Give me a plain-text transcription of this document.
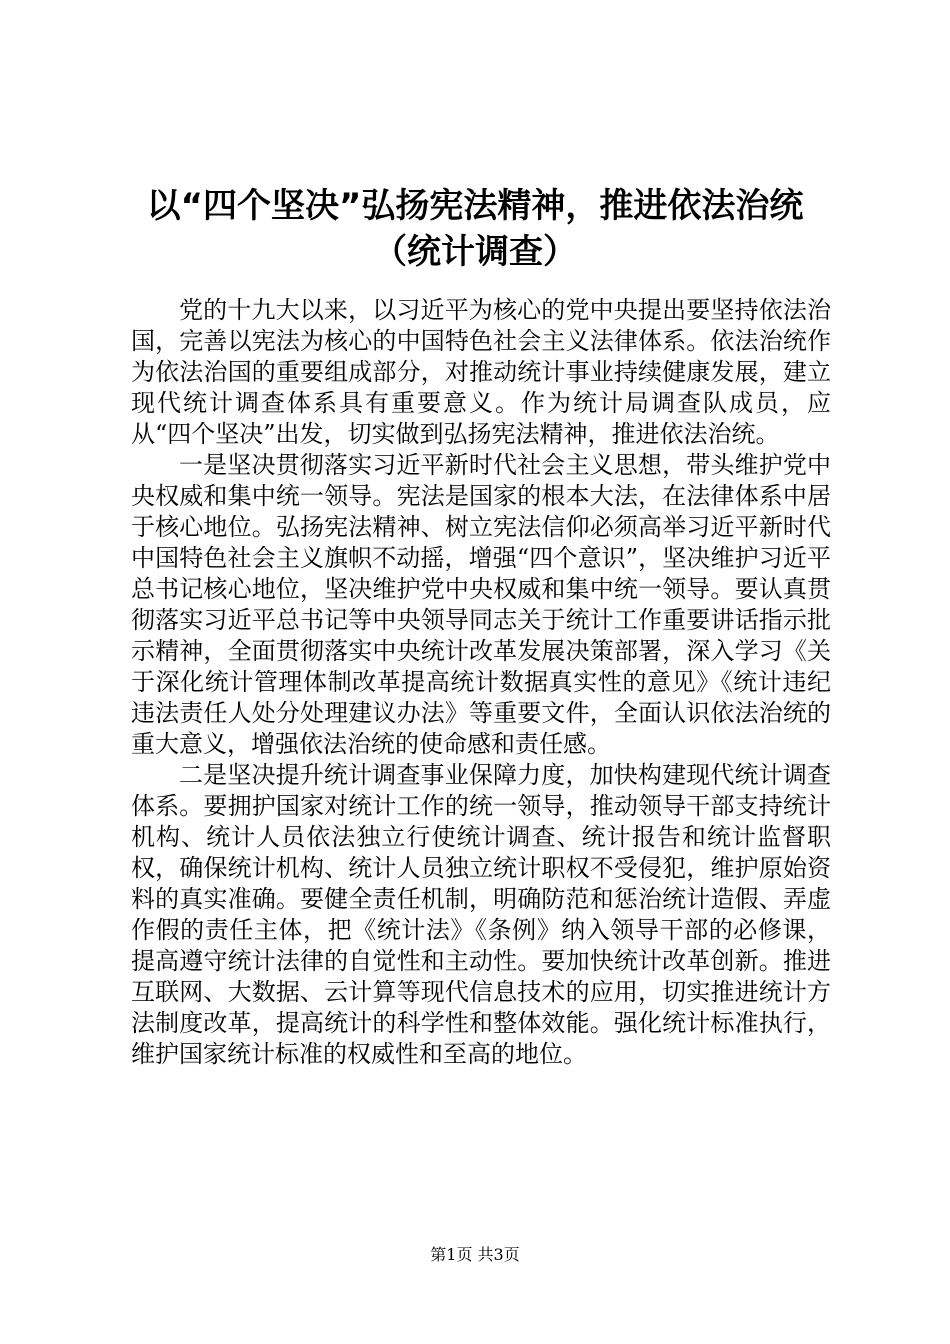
以“四个坚决”弘扬宪法精神，推进依法治统
（统计调查）

党的十九大以来，以习近平为核心的党中央提出要坚持依法治国，完善以宪法为核心的中国特色社会主义法律体系。依法治统作为依法治国的重要组成部分，对推动统计事业持续健康发展，建立现代统计调查体系具有重要意义。作为统计局调查队成员，应从“四个坚决”出发，切实做到弘扬宪法精神，推进依法治统。

一是坚决贯彻落实习近平新时代社会主义思想，带头维护党中央权威和集中统一领导。宪法是国家的根本大法，在法律体系中居于核心地位。弘扬宪法精神、树立宪法信仰必须高举习近平新时代中国特色社会主义旗帜不动摇，增强“四个意识”，坚决维护习近平总书记核心地位，坚决维护党中央权威和集中统一领导。要认真贯彻落实习近平总书记等中央领导同志关于统计工作重要讲话指示批示精神，全面贯彻落实中央统计改革发展决策部署，深入学习《关于深化统计管理体制改革提高统计数据真实性的意见》《统计违纪违法责任人处分处理建议办法》等重要文件，全面认识依法治统的重大意义，增强依法治统的使命感和责任感。

二是坚决提升统计调查事业保障力度，加快构建现代统计调查体系。要拥护国家对统计工作的统一领导，推动领导干部支持统计机构、统计人员依法独立行使统计调查、统计报告和统计监督职权，确保统计机构、统计人员独立统计职权不受侵犯，维护原始资料的真实准确。要健全责任机制，明确防范和惩治统计造假、弄虚作假的责任主体，把《统计法》《条例》纳入领导干部的必修课，提高遵守统计法律的自觉性和主动性。要加快统计改革创新。推进互联网、大数据、云计算等现代信息技术的应用，切实推进统计方法制度改革，提高统计的科学性和整体效能。强化统计标准执行，维护国家统计标准的权威性和至高的地位。

第1页 共3页
